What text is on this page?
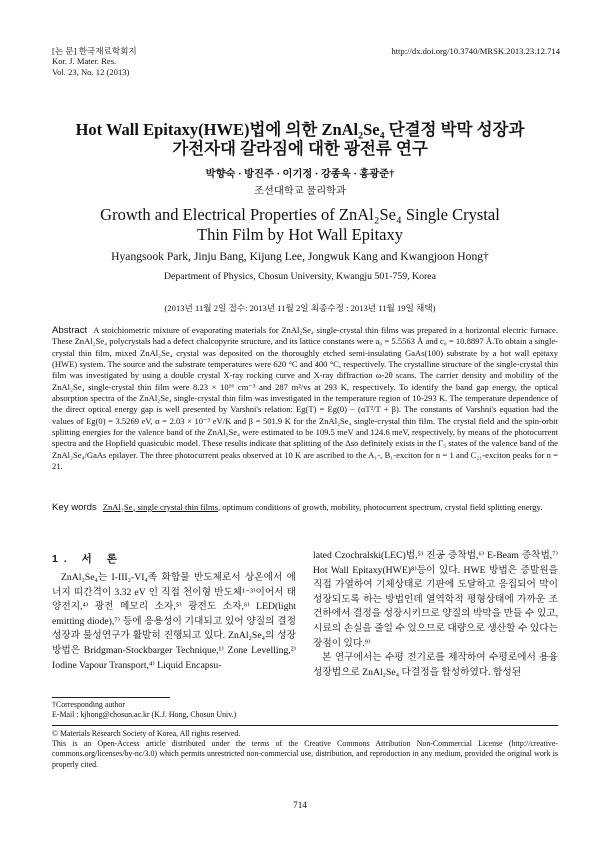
[논 문] 한국재료학회지
Kor. J. Mater. Res.
Vol. 23, No. 12 (2013)
http://dx.doi.org/10.3740/MRSK.2013.23.12.714
Hot Wall Epitaxy(HWE)법에 의한 ZnAl₂Se₄ 단결정 박막 성장과
가전자대 갈라짐에 대한 광전류 연구
박향숙 · 방진주 · 이기정 · 강종욱 · 홍광준†
조선대학교 물리학과
Growth and Electrical Properties of ZnAl₂Se₄ Single Crystal
Thin Film by Hot Wall Epitaxy
Hyangsook Park, Jinju Bang, Kijung Lee, Jongwuk Kang and Kwangjoon Hong†
Department of Physics, Chosun University, Kwangju 501-759, Korea
(2013년 11월 2일 접수: 2013년 11월 2일 최종수정 : 2013년 11월 19일 채택)
Abstract A stoichiometric mixture of evaporating materials for ZnAl₂Se₄ single-crystal thin films was prepared in a horizontal electric furnace. These ZnAl₂Se₄ polycrystals had a defect chalcopyrite structure, and its lattice constants were a₀ = 5.5563 Å and c₀ = 10.8897 Å.To obtain a single-crystal thin film, mixed ZnAl₂Se₄ crystal was deposited on the thoroughly etched semi-insulating GaAs(100) substrate by a hot wall epitaxy (HWE) system. The source and the substrate temperatures were 620 °C and 400 °C, respectively. The crystalline structure of the single-crystal thin film was investigated by using a double crystal X-ray rocking curve and X-ray diffraction ω-2θ scans. The carrier density and mobility of the ZnAl₂Se₄ single-crystal thin film were 8.23 × 10¹⁶ cm⁻³ and 287 m²/vs at 293 K, respectively. To identify the band gap energy, the optical absorption spectra of the ZnAl₂Se₄ single-crystal thin film was investigated in the temperature region of 10-293 K. The temperature dependence of the direct optical energy gap is well presented by Varshni's relation: Eg(T) = Eg(0) − (αT²/T + β). The constants of Varshni's equation had the values of Eg(0) = 3.5269 eV, α = 2.03 × 10⁻³ eV/K and β = 501.9 K for the ZnAl₂Se₄ single-crystal thin film. The crystal field and the spin-orbit splitting energies for the valence band of the ZnAl₂Se₄ were estimated to be 109.5 meV and 124.6 meV, respectively, by means of the photocurrent spectra and the Hopfield quasicubic model. These results indicate that splitting of the Δso definitely exists in the Γ₅ states of the valence band of the ZnAl₂Se₄/GaAs epilayer. The three photocurrent peaks observed at 10 K are ascribed to the A₁-, B₁-exciton for n = 1 and C₂₁-exciton peaks for n = 21.
Key words ZnAl₂Se₄ single crystal thin films, optimum conditions of growth, mobility, photocurrent spectrum, crystal field splitting energy.
1. 서 론

ZnAl₂Se₄는 I-III₂-VI₄족 화합물 반도체로서 상온에서 에너지 띠간격이 3.32 eV 인 직접 천이형 반도체¹⁻³⁾이어서 태양전지,⁴⁾ 광전 메모리 소자,⁵⁾ 광전도 소자,⁶⁾ LED(light emitting diode),⁷⁾ 등에 응용성이 기대되고 있어 양질의 결정성장과 물성연구가 활발히 진행되고 있다. ZnAl₂Se₄의 성장 방법은 Bridgman-Stockbarger Technique,¹⁾ Zone Levelling,²⁾ Iodine Vapour Transport,⁴⁾ Liquid Encapsu-

lated Czochralski(LEC)법,⁵⁾ 진공 증착법,⁶⁾ E-Beam 증착법,⁷⁾ Hot Wall Epitaxy(HWE)⁸⁾등이 있다. HWE 방법은 증발원을 직접 가열하여 기체상태로 기판에 도달하고 응집되어 막이 성장되도록 하는 방법인데 열역학적 평형상태에 가까운 조건하에서 결정을 성장시키므로 양질의 박막을 만들 수 있고, 시료의 손실을 줄일 수 있으므로 대량으로 생산할 수 있다는 장점이 있다.⁹⁾

본 연구에서는 수평 전기로를 제작하여 수평로에서 용융 성장법으로 ZnAl₂Se₄ 다결정을 합성하였다. 합성된

†Corresponding author
E-Mail : kjhong@chosun.ac.kr (K.J. Hong, Chosun Univ.)
© Materials Research Society of Korea, All rights reserved.
This is an Open-Access article distributed under the terms of the Creative Commons Attribution Non-Commercial License (http://creative-commons.org/licenses/by-nc/3.0) which permits unrestricted non-commercial use, distribution, and reproduction in any medium, provided the original work is properly cited.
714
